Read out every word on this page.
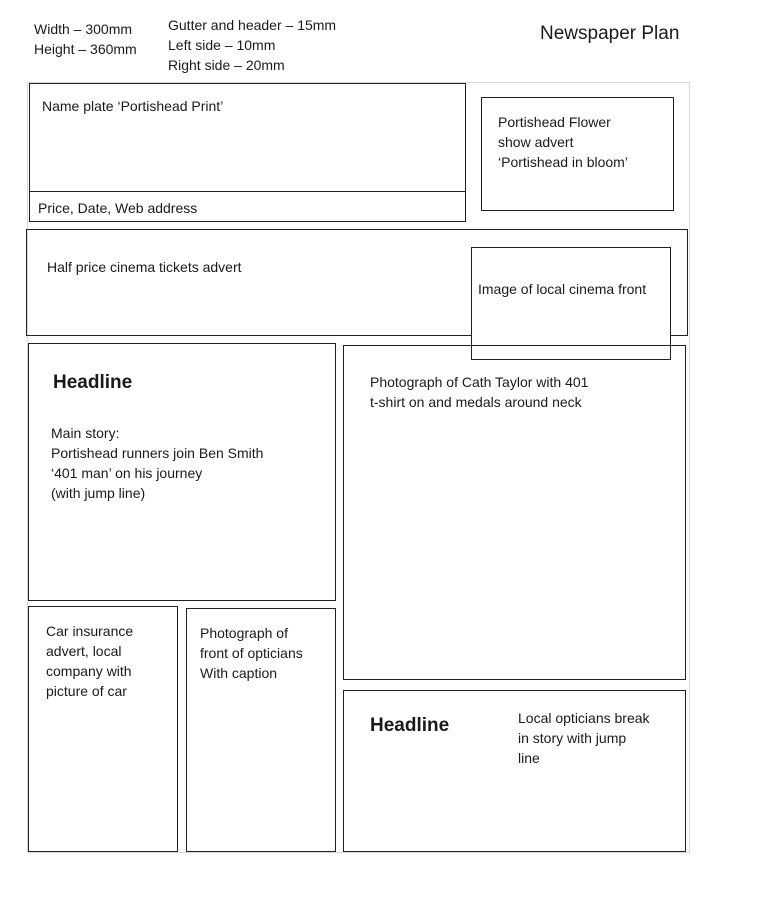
Width – 300mm
Height – 360mm
Gutter and header – 15mm
Left side – 10mm
Right side – 20mm
Newspaper Plan
Name plate ‘Portishead Print’
Price, Date, Web address
Portishead Flower
show advert
‘Portishead in bloom’
Half price cinema tickets advert
Image of local cinema front
Headline
Main story:
Portishead runners join Ben Smith
‘401 man’ on his journey
(with jump line)
Photograph of Cath Taylor with 401
t-shirt on and medals around neck
Car insurance
advert, local
company with
picture of car
Photograph of
front of opticians
With caption
Headline	Local opticians break
in story with jump
line
